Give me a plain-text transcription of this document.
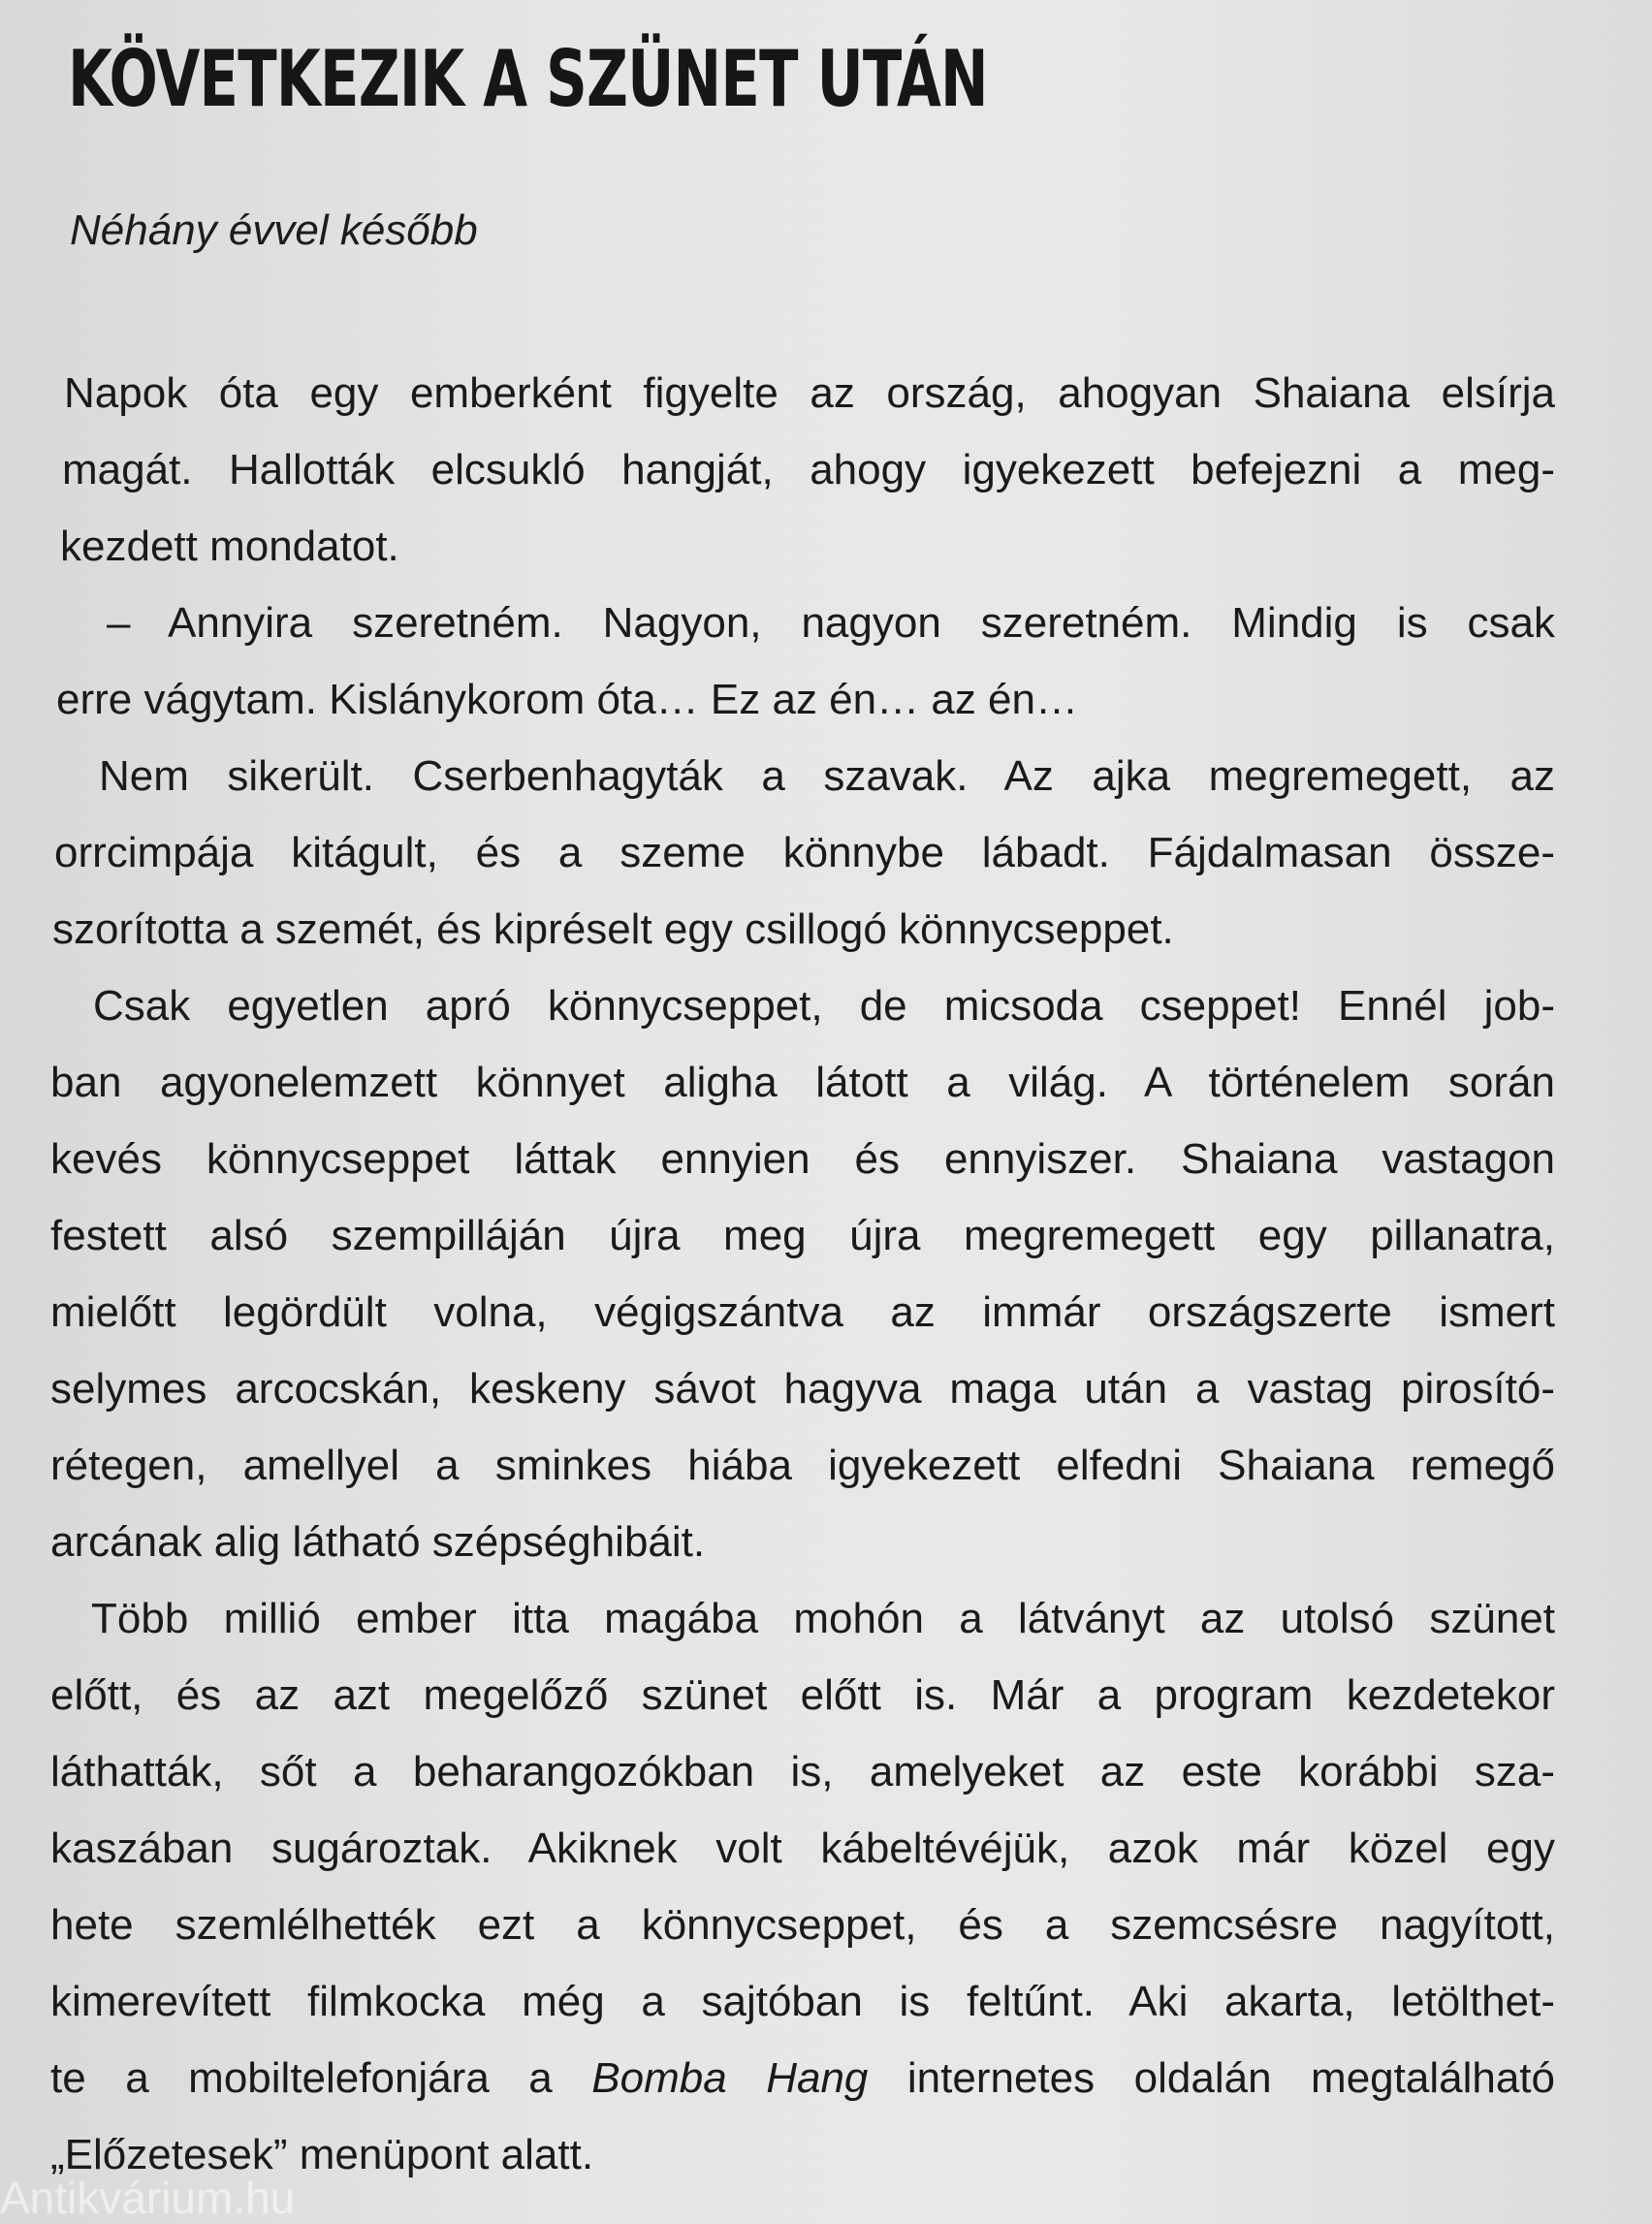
KÖVETKEZIK A SZÜNET UTÁN

Néhány évvel később

Napok óta egy emberként figyelte az ország, ahogyan Shaiana elsírja
magát. Hallották elcsukló hangját, ahogy igyekezett befejezni a meg-
kezdett mondatot.

– Annyira szeretném. Nagyon, nagyon szeretném. Mindig is csak
erre vágytam. Kislánykorom óta… Ez az én… az én…

Nem sikerült. Cserbenhagyták a szavak. Az ajka megremegett, az
orrcimpája kitágult, és a szeme könnybe lábadt. Fájdalmasan össze-
szorította a szemét, és kipréselt egy csillogó könnycseppet.

Csak egyetlen apró könnycseppet, de micsoda cseppet! Ennél job-
ban agyonelemzett könnyet aligha látott a világ. A történelem során
kevés könnycseppet láttak ennyien és ennyiszer. Shaiana vastagon
festett alsó szempilláján újra meg újra megremegett egy pillanatra,
mielőtt legördült volna, végigszántva az immár országszerte ismert
selymes arcocskán, keskeny sávot hagyva maga után a vastag pirosító-
rétegen, amellyel a sminkes hiába igyekezett elfedni Shaiana remegő
arcának alig látható szépséghibáit.

Több millió ember itta magába mohón a látványt az utolsó szünet
előtt, és az azt megelőző szünet előtt is. Már a program kezdetekor
láthatták, sőt a beharangozókban is, amelyeket az este korábbi sza-
kaszában sugároztak. Akiknek volt kábeltévéjük, azok már közel egy
hete szemlélhették ezt a könnycseppet, és a szemcsésre nagyított,
kimerevített filmkocka még a sajtóban is feltűnt. Aki akarta, letölthet-
te a mobiltelefonjára a Bomba Hang internetes oldalán megtalálható
„Előzetesek” menüpont alatt.

Antikvárium.hu
